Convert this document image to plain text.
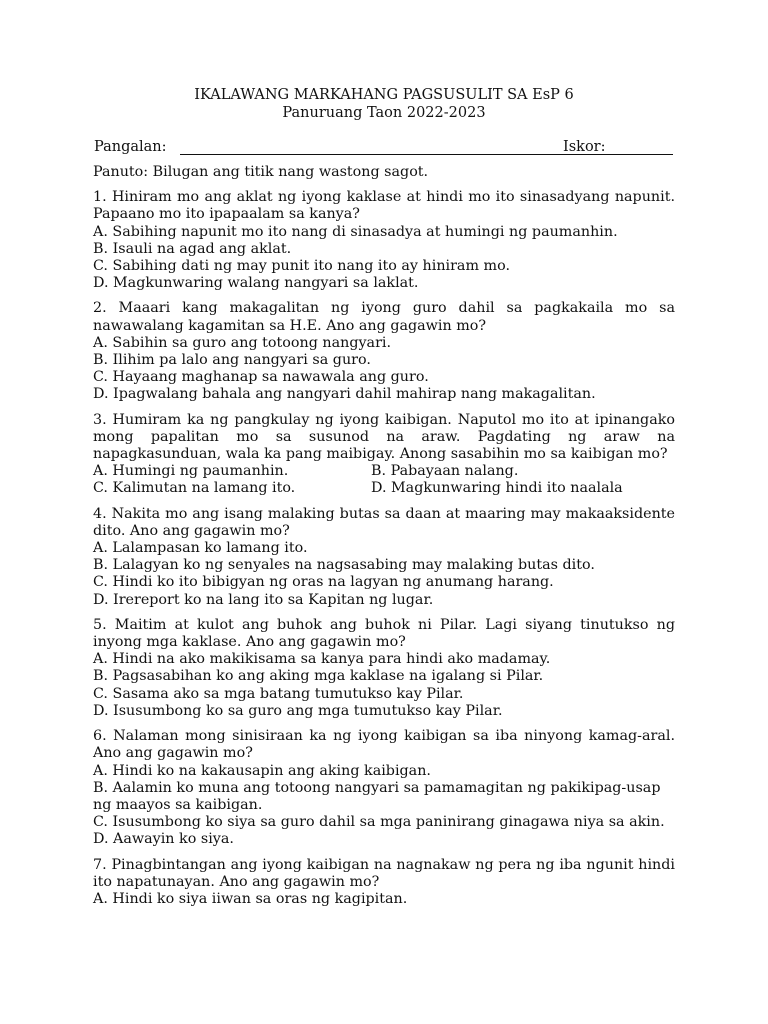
IKALAWANG MARKAHANG PAGSUSULIT SA EsP 6
Panuruang Taon 2022-2023
Pangalan:	Iskor:
Panuto: Bilugan ang titik nang wastong sagot.
1. Hiniram mo ang aklat ng iyong kaklase at hindi mo ito sinasadyang napunit. Papaano mo ito ipapaalam sa kanya?
A. Sabihing napunit mo ito nang di sinasadya at humingi ng paumanhin.
B. Isauli na agad ang aklat.
C. Sabihing dati ng may punit ito nang ito ay hiniram mo.
D. Magkunwaring walang nangyari sa laklat.
2. Maaari kang makagalitan ng iyong guro dahil sa pagkakaila mo sa nawawalang kagamitan sa H.E. Ano ang gagawin mo?
A. Sabihin sa guro ang totoong nangyari.
B. Ilihim pa lalo ang nangyari sa guro.
C. Hayaang maghanap sa nawawala ang guro.
D. Ipagwalang bahala ang nangyari dahil mahirap nang makagalitan.
3. Humiram ka ng pangkulay ng iyong kaibigan. Naputol mo ito at ipinangako mong papalitan mo sa susunod na araw. Pagdating ng araw na napagkasunduan, wala ka pang maibigay. Anong sasabihin mo sa kaibigan mo?
A. Humingi ng paumanhin.	B. Pabayaan nalang.
C. Kalimutan na lamang ito.	D. Magkunwaring hindi ito naalala
4. Nakita mo ang isang malaking butas sa daan at maaring may makaaksidente dito. Ano ang gagawin mo?
A. Lalampasan ko lamang ito.
B. Lalagyan ko ng senyales na nagsasabing may malaking butas dito.
C. Hindi ko ito bibigyan ng oras na lagyan ng anumang harang.
D. Irereport ko na lang ito sa Kapitan ng lugar.
5. Maitim at kulot ang buhok ang buhok ni Pilar. Lagi siyang tinutukso ng inyong mga kaklase. Ano ang gagawin mo?
A. Hindi na ako makikisama sa kanya para hindi ako madamay.
B. Pagsasabihan ko ang aking mga kaklase na igalang si Pilar.
C. Sasama ako sa mga batang tumutukso kay Pilar.
D. Isusumbong ko sa guro ang mga tumutukso kay Pilar.
6. Nalaman mong sinisiraan ka ng iyong kaibigan sa iba ninyong kamag-aral. Ano ang gagawin mo?
A. Hindi ko na kakausapin ang aking kaibigan.
B. Aalamin ko muna ang totoong nangyari sa pamamagitan ng pakikipag-usap ng maayos sa kaibigan.
C. Isusumbong ko siya sa guro dahil sa mga paninirang ginagawa niya sa akin.
D. Aawayin ko siya.
7. Pinagbintangan ang iyong kaibigan na nagnakaw ng pera ng iba ngunit hindi ito napatunayan. Ano ang gagawin mo?
A. Hindi ko siya iiwan sa oras ng kagipitan.
